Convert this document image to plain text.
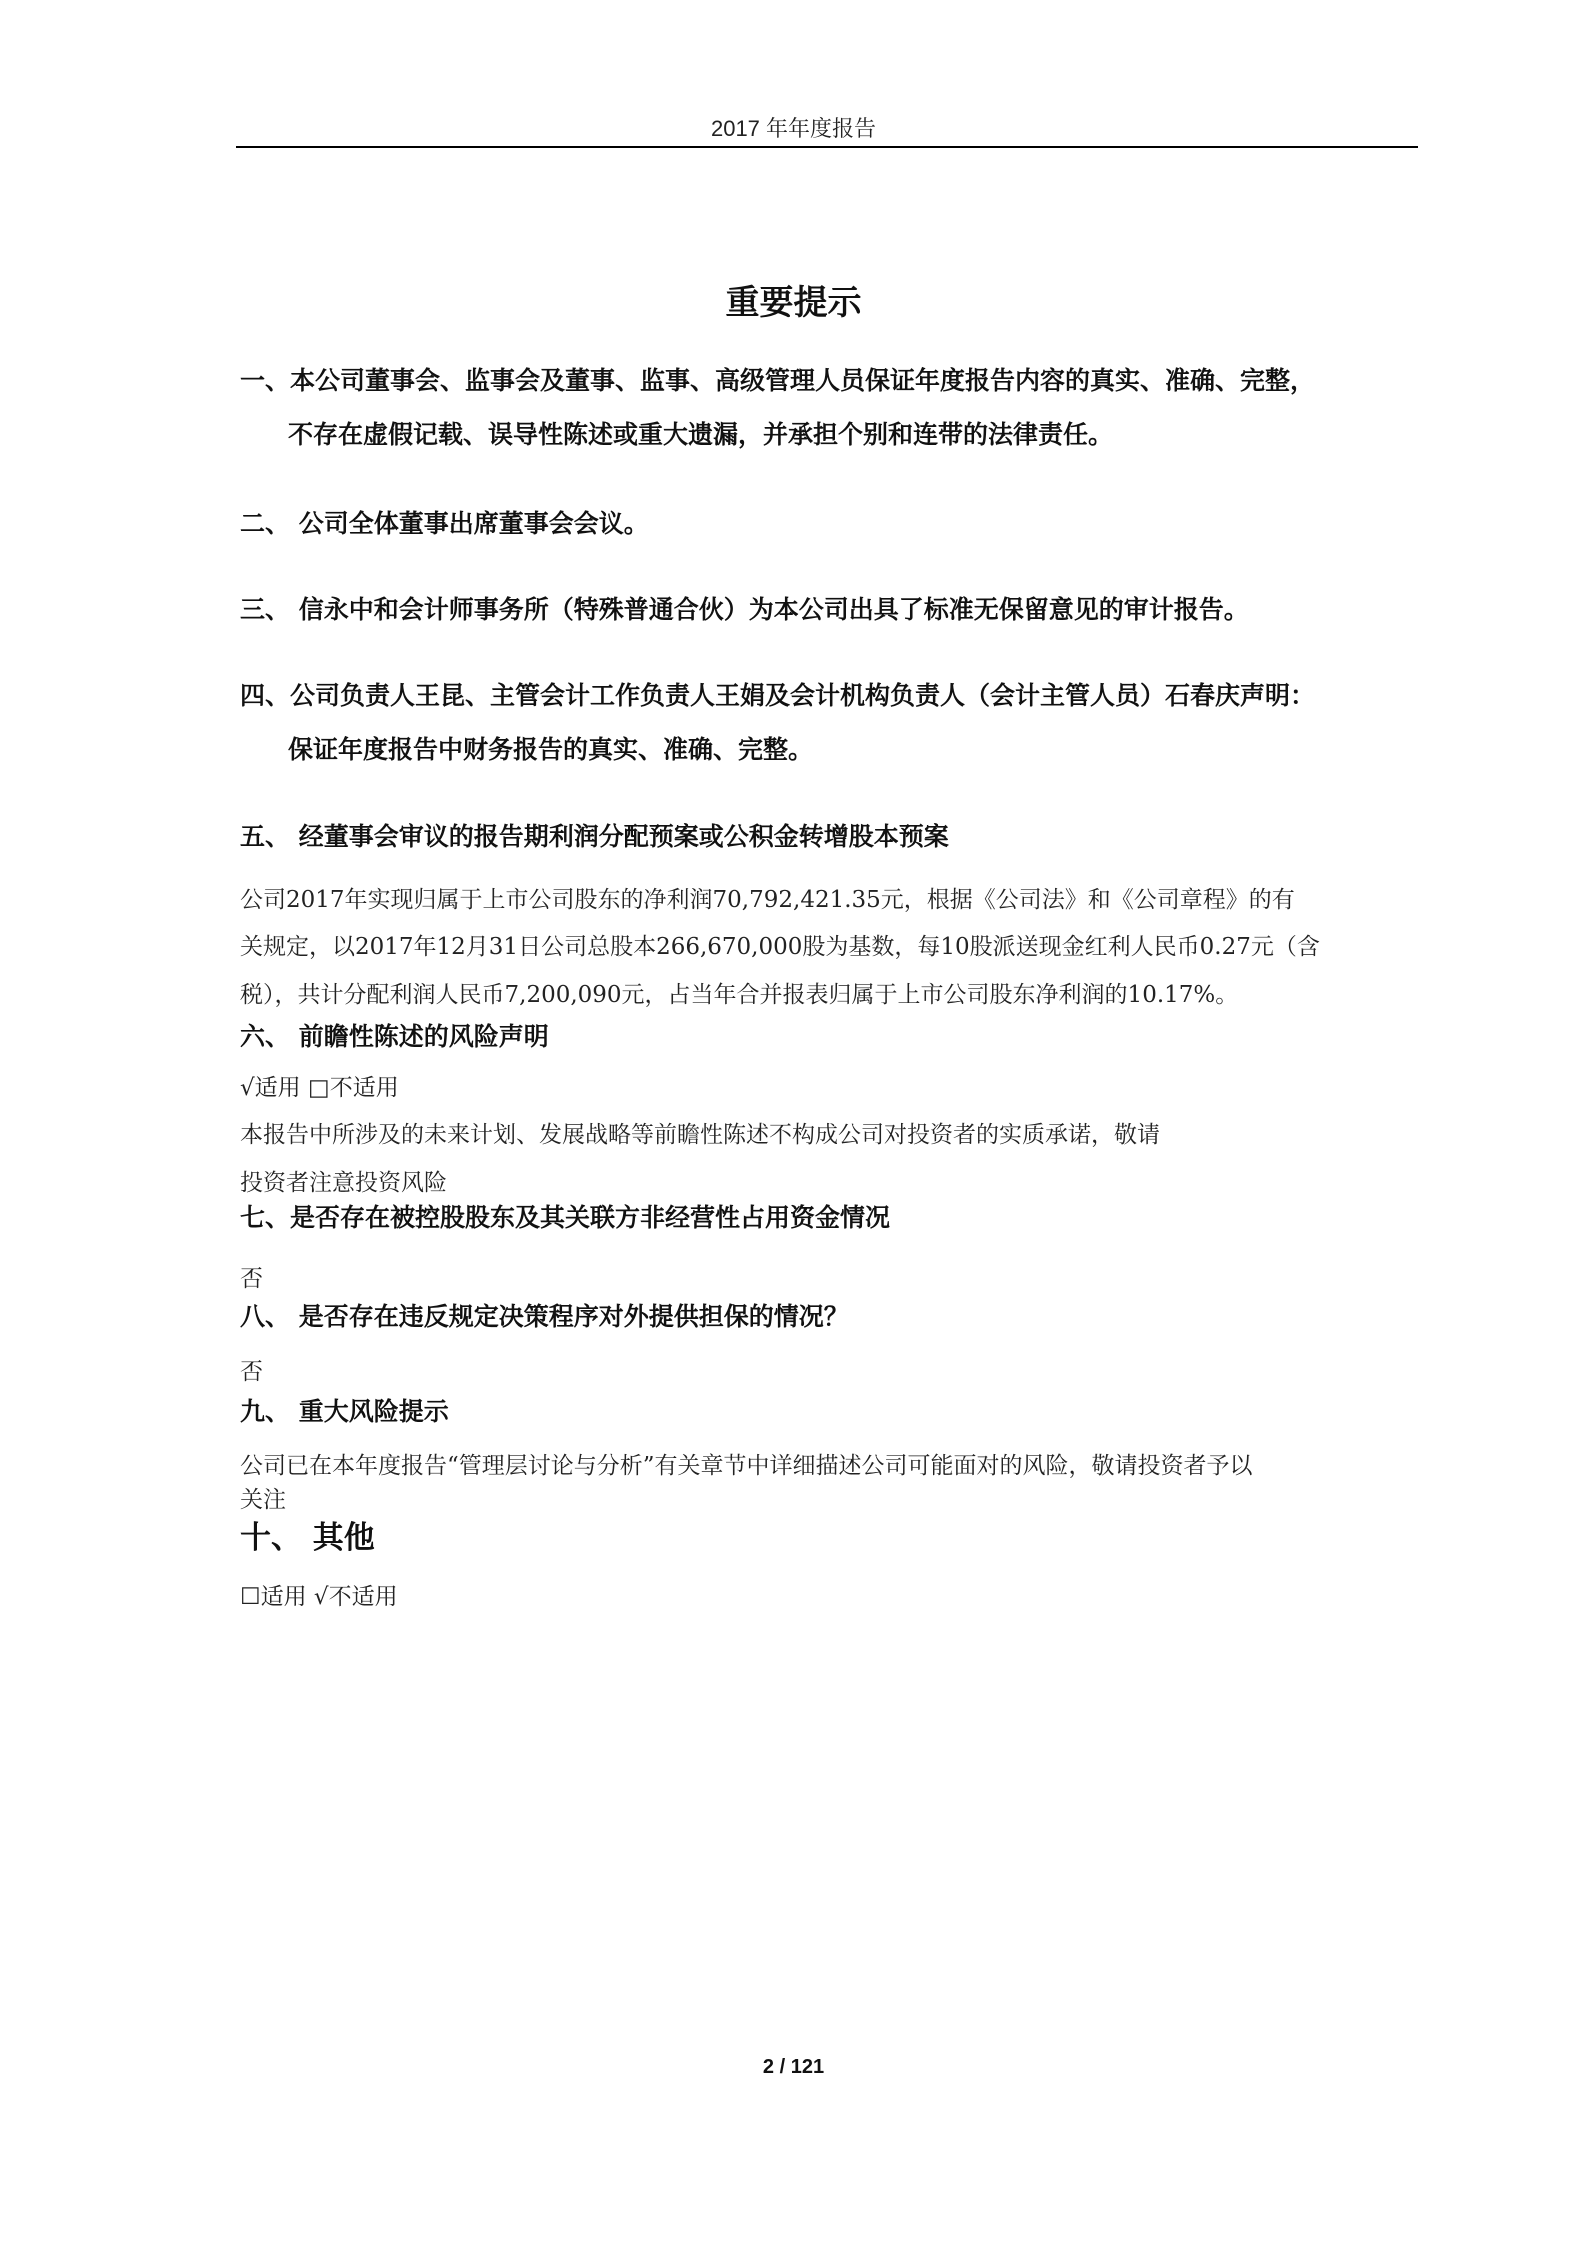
2017 年年度报告
重要提示
一、本公司董事会、监事会及董事、监事、高级管理人员保证年度报告内容的真实、准确、完整，
不存在虚假记载、误导性陈述或重大遗漏，并承担个别和连带的法律责任。
二、 公司全体董事出席董事会会议。
三、 信永中和会计师事务所（特殊普通合伙）为本公司出具了标准无保留意见的审计报告。
四、公司负责人王昆、主管会计工作负责人王娟及会计机构负责人（会计主管人员）石春庆声明：
保证年度报告中财务报告的真实、准确、完整。
五、 经董事会审议的报告期利润分配预案或公积金转增股本预案
公司2017年实现归属于上市公司股东的净利润70,792,421.35元，根据《公司法》和《公司章程》的有
关规定，以2017年12月31日公司总股本266,670,000股为基数，每10股派送现金红利人民币0.27元（含
税），共计分配利润人民币7,200,090元，占当年合并报表归属于上市公司股东净利润的10.17%。
六、 前瞻性陈述的风险声明
√适用 □不适用
本报告中所涉及的未来计划、发展战略等前瞻性陈述不构成公司对投资者的实质承诺，敬请
投资者注意投资风险
七、是否存在被控股股东及其关联方非经营性占用资金情况
否
八、 是否存在违反规定决策程序对外提供担保的情况？
否
九、 重大风险提示
公司已在本年度报告“管理层讨论与分析”有关章节中详细描述公司可能面对的风险，敬请投资者予以
关注
十、 其他
☐适用 √不适用
2 / 121
